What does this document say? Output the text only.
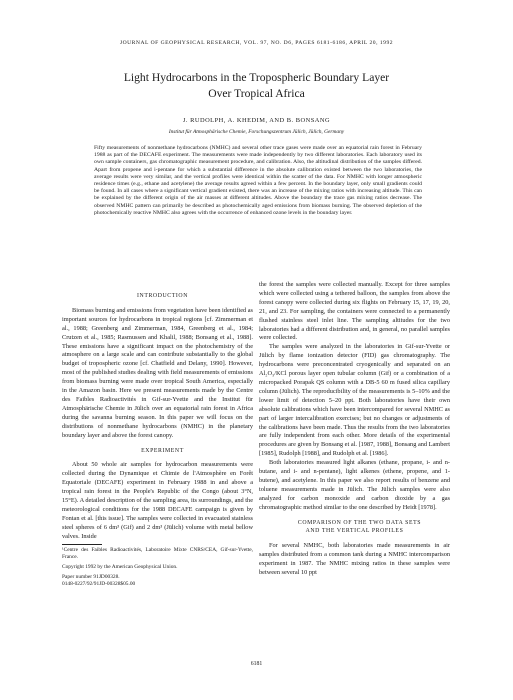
JOURNAL OF GEOPHYSICAL RESEARCH, VOL. 97, NO. D6, PAGES 6181-6186, APRIL 20, 1992
Light Hydrocarbons in the Tropospheric Boundary Layer
Over Tropical Africa
J. RUDOLPH, A. KHEDIM, AND B. BONSANG
Institut für Atmosphärische Chemie, Forschungszentrum Jülich, Jülich, Germany
Fifty measurements of nonmethane hydrocarbons (NMHC) and several other trace gases were made over an equatorial rain forest in February 1988 as part of the DECAFE experiment. The measurements were made independently by two different laboratories. Each laboratory used its own sample containers, gas chromatographic measurement procedure, and calibration. Also, the altitudinal distribution of the samples differed. Apart from propene and i-pentane for which a substantial difference in the absolute calibration existed between the two laboratories, the average results were very similar, and the vertical profiles were identical within the scatter of the data. For NMHC with longer atmospheric residence times (e.g., ethane and acetylene) the average results agreed within a few percent. In the boundary layer, only small gradients could be found. In all cases where a significant vertical gradient existed, there was an increase of the mixing ratios with increasing altitude. This can be explained by the different origin of the air masses at different altitudes. Above the boundary the trace gas mixing ratios decrease. The observed NMHC pattern can primarily be described as photochemically aged emissions from biomass burning. The observed depletion of the photochemically reactive NMHC also agrees with the occurrence of enhanced ozone levels in the boundary layer.

INTRODUCTION

Biomass burning and emissions from vegetation have been identified as important sources for hydrocarbons in tropical regions [cf. Zimmerman et al., 1988; Greenberg and Zimmerman, 1984, Greenberg et al., 1984; Crutzen et al., 1985; Rasmussen and Khalil, 1988; Bonsang et al., 1988]. These emissions have a significant impact on the photochemistry of the atmosphere on a large scale and can contribute substantially to the global budget of tropospheric ozone [cf. Chatfield and Delany, 1990]. However, most of the published studies dealing with field measurements of emissions from biomass burning were made over tropical South America, especially in the Amazon basin. Here we present measurements made by the Centre des Faibles Radioactivités in Gif-sur-Yvette and the Institut für Atmosphärische Chemie in Jülich over an equatorial rain forest in Africa during the savanna burning season. In this paper we will focus on the distributions of nonmethane hydrocarbons (NMHC) in the planetary boundary layer and above the forest canopy.

EXPERIMENT

About 50 whole air samples for hydrocarbon measurements were collected during the Dynamique et Chimie de l'Atmosphère en Forêt Equatoriale (DECAFE) experiment in February 1988 in and above a tropical rain forest in the People's Republic of the Congo (about 3°N, 15°E). A detailed description of the sampling area, its surroundings, and the meteorological conditions for the 1988 DECAFE campaign is given by Fontan et al. [this issue]. The samples were collected in evacuated stainless steel spheres of 6 dm³ (Gif) and 2 dm³ (Jülich) volume with metal bellow valves. Inside

¹Centre des Faibles Radioactivités, Laboratoire Mixte CNRS/CEA, Gif-sur-Yvette, France.
Copyright 1992 by the American Geophysical Union.
Paper number 91JD00328.
0148-0227/92/91JD-00328$05.00

the forest the samples were collected manually. Except for three samples which were collected using a tethered balloon, the samples from above the forest canopy were collected during six flights on February 15, 17, 19, 20, 21, and 23. For sampling, the containers were connected to a permanently flushed stainless steel inlet line. The sampling altitudes for the two laboratories had a different distribution and, in general, no parallel samples were collected.

The samples were analyzed in the laboratories in Gif-sur-Yvette or Jülich by flame ionization detector (FID) gas chromatography. The hydrocarbons were preconcentrated cryogenically and separated on an Al₂O₃/KCl porous layer open tubular column (Gif) or a combination of a micropacked Porapak QS column with a DB-5 60 m fused silica capillary column (Jülich). The reproducibility of the measurements is 5–10% and the lower limit of detection 5–20 ppt. Both laboratories have their own absolute calibrations which have been intercompared for several NMHC as part of larger intercalibration exercises; but no changes or adjustments of the calibrations have been made. Thus the results from the two laboratories are fully independent from each other. More details of the experimental procedures are given by Bonsang et al. [1987, 1988], Bonsang and Lambert [1985], Rudolph [1988], and Rudolph et al. [1986].

Both laboratories measured light alkanes (ethane, propane, i- and n-butane, and i- and n-pentane), light alkenes (ethene, propene, and 1-butene), and acetylene. In this paper we also report results of benzene and toluene measurements made in Jülich. The Jülich samples were also analyzed for carbon monoxide and carbon dioxide by a gas chromatographic method similar to the one described by Heidt [1978].

COMPARISON OF THE TWO DATA SETS
AND THE VERTICAL PROFILES

For several NMHC, both laboratories made measurements in air samples distributed from a common tank during a NMHC intercomparison experiment in 1987. The NMHC mixing ratios in these samples were between several 10 ppt

6181
